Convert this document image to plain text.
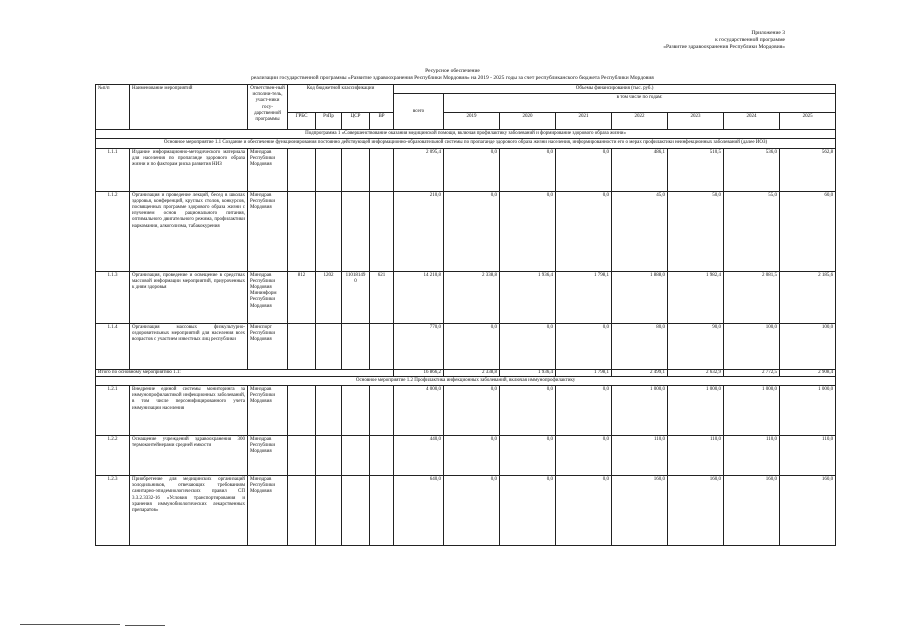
Приложение 3
к государственной программе
«Развитие здравоохранения Республики Мордовия»
Ресурсное обеспечение
реализации государственной программы «Развитие здравоохранения Республики Мордовия» на 2019 - 2025 годы за счет республиканского бюджета Республики Мордовия
№п/п	Наименование мероприятий	Ответствен-ный исполни-тель, участ-ники госу-дарственной программы	Код бюджетной классификации				Объемы финансирования (тыс. руб.)							
							всего	в том числе по годам:						
			ГРБС	РзПр	ЦСР	ВР		2019	2020	2021	2022	2023	2024	2025
Подпрограмма 1 «Совершенствование оказания медицинской помощи, включая профилактику заболеваний и формирование здорового образа жизни»														
Основное мероприятие 1.1 Создание и обеспечение функционирования постоянно действующей информационно-образовательной системы по пропаганде здорового образа жизни населения, информированности его о мерах профилактики неинфекционных заболеваний (далее ИОЗ)														
1.1.1	Издание информационно-методического материала для населения по пропаганде здорового образа жизни и по факторам риска развития НИЗ	Минздрав Республики Мордовия					2 095,4	0,0	0,0	0,0	486,1	510,5	536,0	562,8
1.1.2	Организация и проведение лекций, бесед в школах здоровья, конференций, круглых столов, конкурсов, посвященных программе здорового образа жизни с изучением основ рационального питания, оптимального двигательного режима, профилактики наркомании, алкоголизма, табакокурения	Минздрав Республики Мордовия					210,0	0,0	0,0	0,0	45,0	50,0	55,0	60,0
1.1.3	Организация, проведение и освещение в средствах массовой информации мероприятий, приуроченных к дням здоровья	Минздрав Республики Мордовия Мининформ Республики Мордовия	812	1202	11018149 0	621	14 210,8	2 338,8	1 936,4	1 798,1	1 888,0	1 982,4	2 081,5	2 185,6
1.1.4	Организация массовых физкультурно-оздоровительных мероприятий для населения всех возрастов с участием известных лиц республики	Минспорт Республики Мордовия					770,0	0,0	0,0	0,0	80,0	90,0	100,0	100,0
Итого по основному мероприятию 1.1:							16 866,2	2 338,8	1 936,4	1 798,1	2 499,1	2 632,9	2 772,5	2 908,4
Основное мероприятие 1.2 Профилактика инфекционных заболеваний, включая иммунопрофилактику														
1.2.1	Внедрение единой системы мониторинга за иммунопрофилактикой инфекционных заболеваний, в том числе персонифицированного учета иммунизации населения	Минздрав Республики Мордовия					4 000,0	0,0	0,0	0,0	1 000,0	1 000,0	1 000,0	1 000,0
1.2.2	Оснащение учреждений здравоохранения 300 термоконтейнерами средней емкости	Минздрав Республики Мордовия					440,0	0,0	0,0	0,0	110,0	110,0	110,0	110,0
1.2.3	Приобретение для медицинских организаций холодильников, отвечающих требованиям санитарно-эпидемиологических правил СП 3.3.2.3332-16 «Условия транспортирования и хранения иммунобиологических лекарственных препаратов»	Минздрав Республики Мордовия					640,0	0,0	0,0	0,0	160,0	160,0	160,0	160,0
